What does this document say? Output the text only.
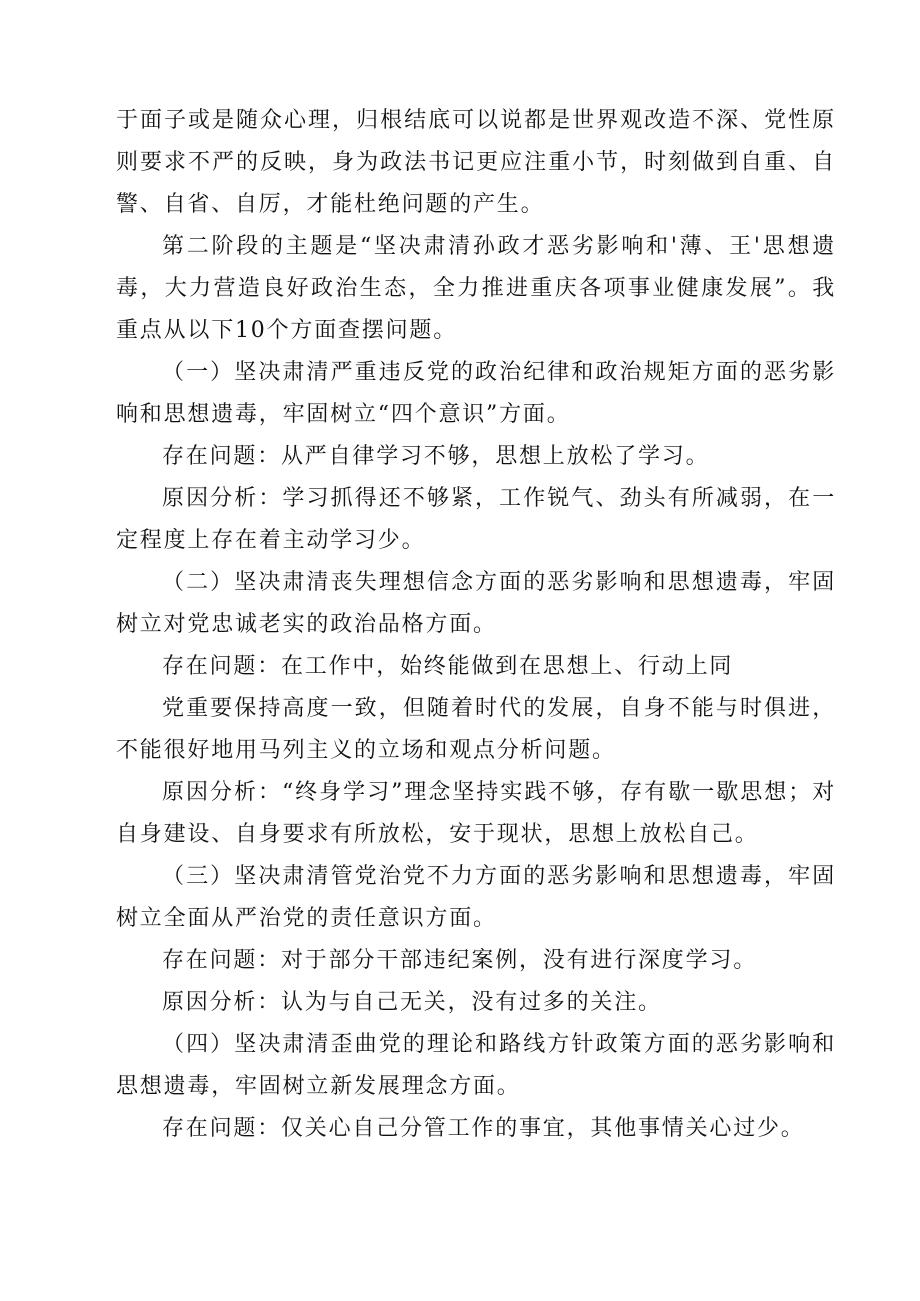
于面子或是随众心理，归根结底可以说都是世界观改造不深、党性原则要求不严的反映，身为政法书记更应注重小节，时刻做到自重、自警、自省、自厉，才能杜绝问题的产生。

第二阶段的主题是“坚决肃清孙政才恶劣影响和'薄、王'思想遗毒，大力营造良好政治生态，全力推进重庆各项事业健康发展”。我重点从以下10个方面查摆问题。

（一）坚决肃清严重违反党的政治纪律和政治规矩方面的恶劣影响和思想遗毒，牢固树立“四个意识”方面。

存在问题：从严自律学习不够，思想上放松了学习。

原因分析：学习抓得还不够紧，工作锐气、劲头有所减弱，在一定程度上存在着主动学习少。

（二）坚决肃清丧失理想信念方面的恶劣影响和思想遗毒，牢固树立对党忠诚老实的政治品格方面。

存在问题：在工作中，始终能做到在思想上、行动上同

党重要保持高度一致，但随着时代的发展，自身不能与时俱进，不能很好地用马列主义的立场和观点分析问题。

原因分析：“终身学习”理念坚持实践不够，存有歇一歇思想；对自身建设、自身要求有所放松，安于现状，思想上放松自己。

（三）坚决肃清管党治党不力方面的恶劣影响和思想遗毒，牢固树立全面从严治党的责任意识方面。

存在问题：对于部分干部违纪案例，没有进行深度学习。

原因分析：认为与自己无关，没有过多的关注。

（四）坚决肃清歪曲党的理论和路线方针政策方面的恶劣影响和思想遗毒，牢固树立新发展理念方面。

存在问题：仅关心自己分管工作的事宜，其他事情关心过少。
